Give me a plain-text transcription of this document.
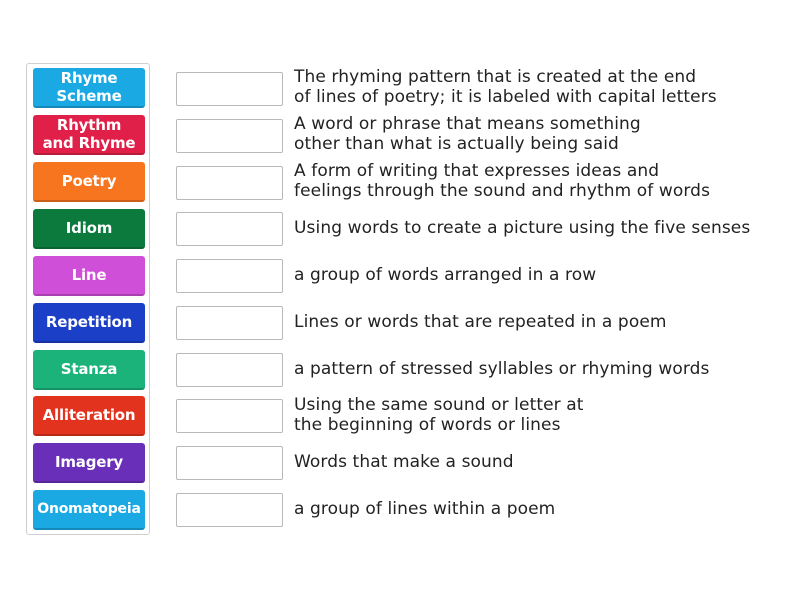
Rhyme
Scheme
Rhythm
and Rhyme
Poetry
Idiom
Line
Repetition
Stanza
Alliteration
Imagery
Onomatopeia
The rhyming pattern that is created at the end
of lines of poetry; it is labeled with capital letters
A word or phrase that means something
other than what is actually being said
A form of writing that expresses ideas and
feelings through the sound and rhythm of words
Using words to create a picture using the five senses
a group of words arranged in a row
Lines or words that are repeated in a poem
a pattern of stressed syllables or rhyming words
Using the same sound or letter at
the beginning of words or lines
Words that make a sound
a group of lines within a poem
